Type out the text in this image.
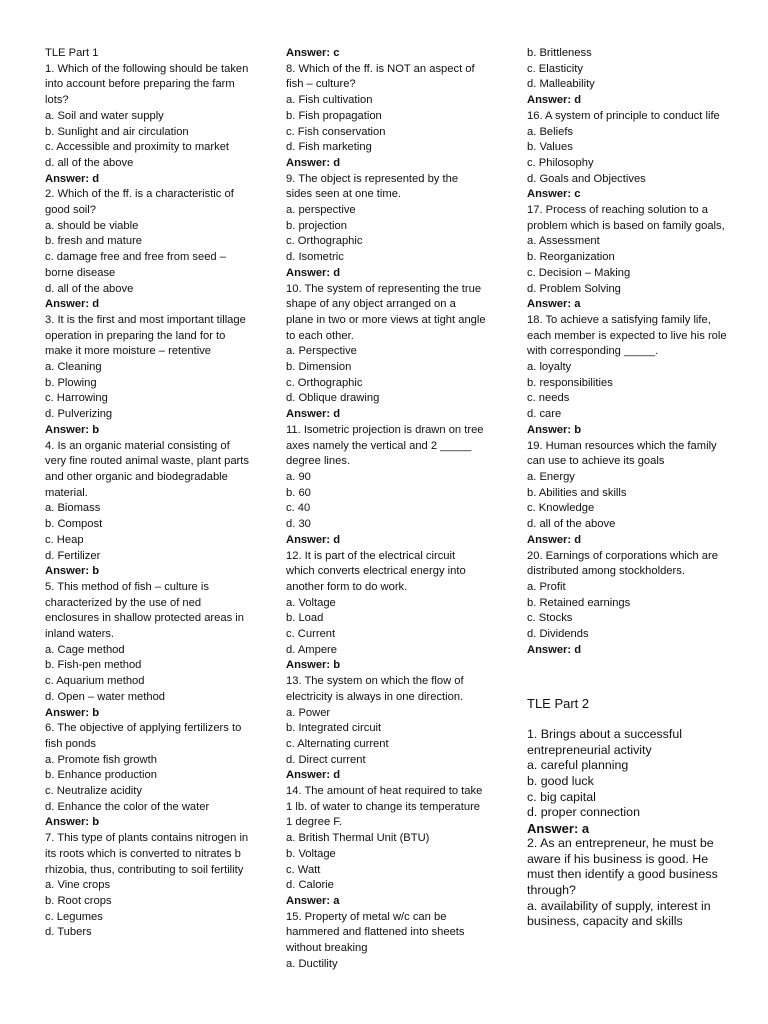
TLE Part 1

1. Which of the following should be taken into account before preparing the farm lots?

a. Soil and water supply

b. Sunlight and air circulation

c. Accessible and proximity to market

d. all of the above

Answer: d

2. Which of the ff. is a characteristic of good soil?

a. should be viable

b. fresh and mature

c. damage free and free from seed – borne disease

d. all of the above

Answer: d

3. It is the first and most important tillage operation in preparing the land for to make it more moisture – retentive

a. Cleaning

b. Plowing

c. Harrowing

d. Pulverizing

Answer: b

4. Is an organic material consisting of very fine routed animal waste, plant parts and other organic and biodegradable material.

a. Biomass

b. Compost

c. Heap

d. Fertilizer

Answer: b

5. This method of fish – culture is characterized by the use of ned enclosures in shallow protected areas in inland waters.

a. Cage method

b. Fish-pen method

c. Aquarium method

d. Open – water method

Answer: b

6. The objective of applying fertilizers to fish ponds

a. Promote fish growth

b. Enhance production

c. Neutralize acidity

d. Enhance the color of the water

Answer: b

7. This type of plants contains nitrogen in its roots which is converted to nitrates b rhizobia, thus, contributing to soil fertility

a. Vine crops

b. Root crops

c. Legumes

d. Tubers

Answer: c

8. Which of the ff. is NOT an aspect of fish – culture?

a. Fish cultivation

b. Fish propagation

c. Fish conservation

d. Fish marketing

Answer: d

9. The object is represented by the sides seen at one time.

a. perspective

b. projection

c. Orthographic

d. Isometric

Answer: d

10. The system of representing the true shape of any object arranged on a plane in two or more views at tight angle to each other.

a. Perspective

b. Dimension

c. Orthographic

d. Oblique drawing

Answer: d

11. Isometric projection is drawn on tree axes namely the vertical and 2 _____ degree lines.

a. 90

b. 60

c. 40

d. 30

Answer: d

12. It is part of the electrical circuit which converts electrical energy into another form to do work.

a. Voltage

b. Load

c. Current

d. Ampere

Answer: b

13. The system on which the flow of electricity is always in one direction.

a. Power

b. Integrated circuit

c. Alternating current

d. Direct current

Answer: d

14. The amount of heat required to take 1 lb. of water to change its temperature 1 degree F.

a. British Thermal Unit (BTU)

b. Voltage

c. Watt

d. Calorie

Answer: a

15. Property of metal w/c can be hammered and flattened into sheets without breaking

a. Ductility

b. Brittleness

c. Elasticity

d. Malleability

Answer: d

16. A system of principle to conduct life

a. Beliefs

b. Values

c. Philosophy

d. Goals and Objectives

Answer: c

17. Process of reaching solution to a problem which is based on family goals,

a. Assessment

b. Reorganization

c. Decision – Making

d. Problem Solving

Answer: a

18. To achieve a satisfying family life, each member is expected to live his role with corresponding _____.

a. loyalty

b. responsibilities

c. needs

d. care

Answer: b

19. Human resources which the family can use to achieve its goals

a. Energy

b. Abilities and skills

c. Knowledge

d. all of the above

Answer: d

20. Earnings of corporations which are distributed among stockholders.

a. Profit

b. Retained earnings

c. Stocks

d. Dividends

Answer: d

TLE Part 2

1. Brings about a successful entrepreneurial activity

a. careful planning

b. good luck

c. big capital

d. proper connection

Answer: a

2. As an entrepreneur, he must be aware if his business is good. He must then identify a good business through?

a. availability of supply, interest in business, capacity and skills
